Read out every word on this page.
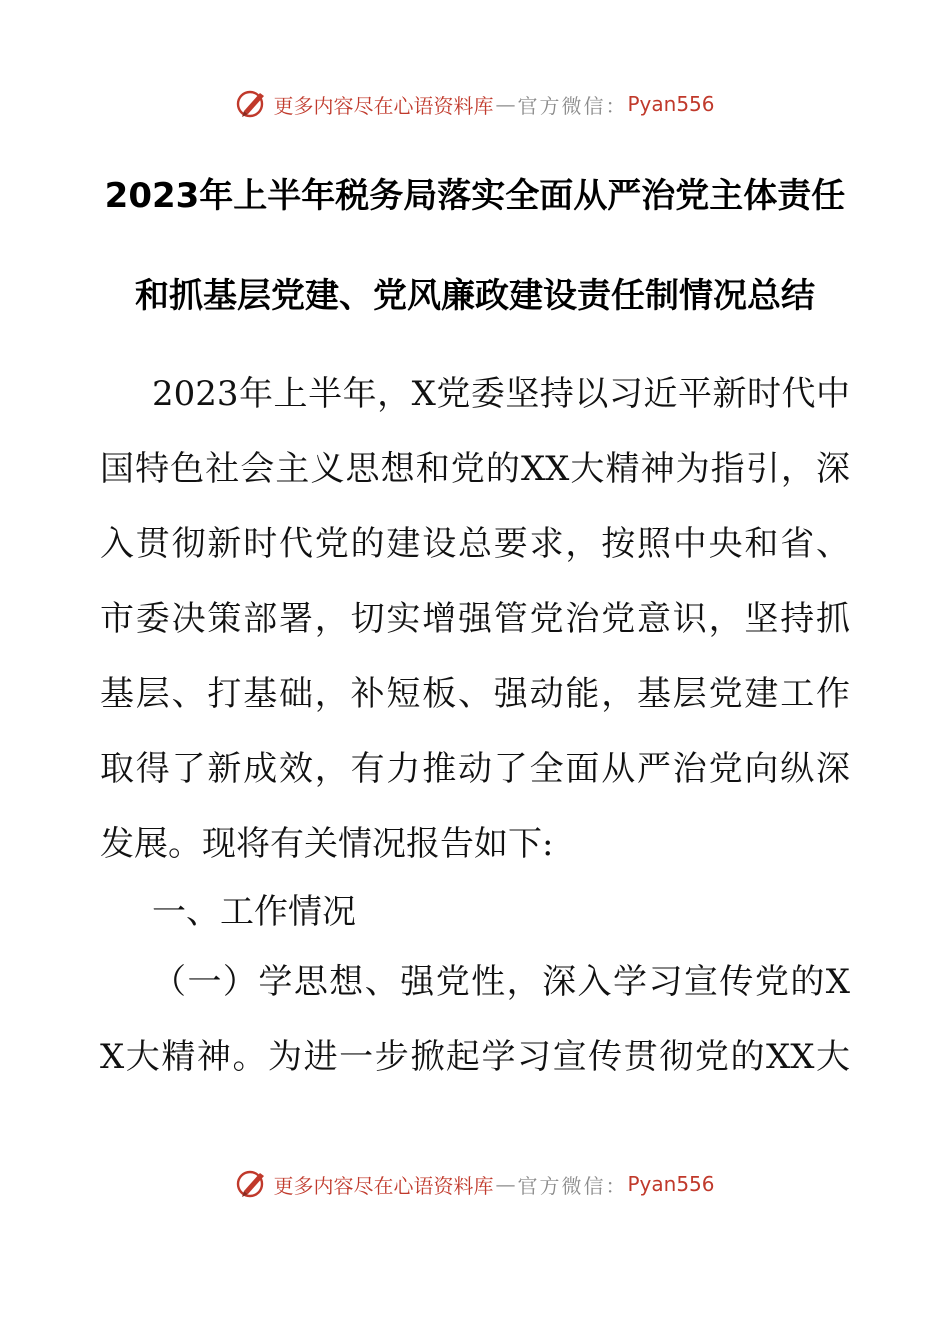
更多内容尽在心语资料库 — 官方微信： Pyan556
2023年上半年税务局落实全面从严治党主体责任
和抓基层党建、党风廉政建设责任制情况总结
2023年上半年，X党委坚持以习近平新时代中
国特色社会主义思想和党的XX大精神为指引，深
入贯彻新时代党的建设总要求，按照中央和省、
市委决策部署，切实增强管党治党意识，坚持抓
基层、打基础，补短板、强动能，基层党建工作
取得了新成效，有力推动了全面从严治党向纵深
发展。现将有关情况报告如下:
一、工作情况
（一）学思想、强党性，深入学习宣传党的X
X大精神。为进一步掀起学习宣传贯彻党的XX大
更多内容尽在心语资料库 — 官方微信： Pyan556
